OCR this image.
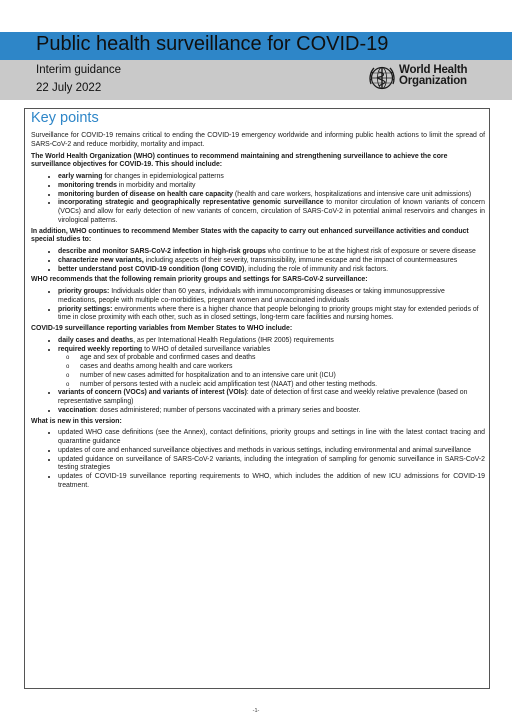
Public health surveillance for COVID-19
Interim guidance
22 July 2022
World Health
Organization
Key points

Surveillance for COVID-19 remains critical to ending the COVID-19 emergency worldwide and informing public health actions to limit the spread of SARS-CoV-2 and reduce morbidity, mortality and impact.

The World Health Organization (WHO) continues to recommend maintaining and strengthening surveillance to achieve the core surveillance objectives for COVID-19. This should include:

• early warning for changes in epidemiological patterns
• monitoring trends in morbidity and mortality
• monitoring burden of disease on health care capacity (health and care workers, hospitalizations and intensive care unit admissions)
• incorporating strategic and geographically representative genomic surveillance to monitor circulation of known variants of concern (VOCs) and allow for early detection of new variants of concern, circulation of SARS-CoV-2 in potential animal reservoirs and changes in virological patterns.

In addition, WHO continues to recommend Member States with the capacity to carry out enhanced surveillance activities and conduct special studies to:

• describe and monitor SARS-CoV-2 infection in high-risk groups who continue to be at the highest risk of exposure or severe disease
• characterize new variants, including aspects of their severity, transmissibility, immune escape and the impact of countermeasures
• better understand post COVID-19 condition (long COVID), including the role of immunity and risk factors.

WHO recommends that the following remain priority groups and settings for SARS-CoV-2 surveillance:

• priority groups: Individuals older than 60 years, individuals with immunocompromising diseases or taking immunosuppressive medications, people with multiple co-morbidities, pregnant women and unvaccinated individuals
• priority settings: environments where there is a higher chance that people belonging to priority groups might stay for extended periods of time in close proximity with each other, such as in closed settings, long-term care facilities and nursing homes.

COVID-19 surveillance reporting variables from Member States to WHO include:

• daily cases and deaths, as per International Health Regulations (IHR 2005) requirements
• required weekly reporting to WHO of detailed surveillance variables
o age and sex of probable and confirmed cases and deaths
o cases and deaths among health and care workers
o number of new cases admitted for hospitalization and to an intensive care unit (ICU)
o number of persons tested with a nucleic acid amplification test (NAAT) and other testing methods.
• variants of concern (VOCs) and variants of interest (VOIs): date of detection of first case and weekly relative prevalence (based on representative sampling)
• vaccination: doses administered; number of persons vaccinated with a primary series and booster.

What is new in this version:

• updated WHO case definitions (see the Annex), contact definitions, priority groups and settings in line with the latest contact tracing and quarantine guidance
• updates of core and enhanced surveillance objectives and methods in various settings, including environmental and animal surveillance
• updated guidance on surveillance of SARS-CoV-2 variants, including the integration of sampling for genomic surveillance in SARS-CoV-2 testing strategies
• updates of COVID-19 surveillance reporting requirements to WHO, which includes the addition of new ICU admissions for COVID-19 treatment.
-1-
